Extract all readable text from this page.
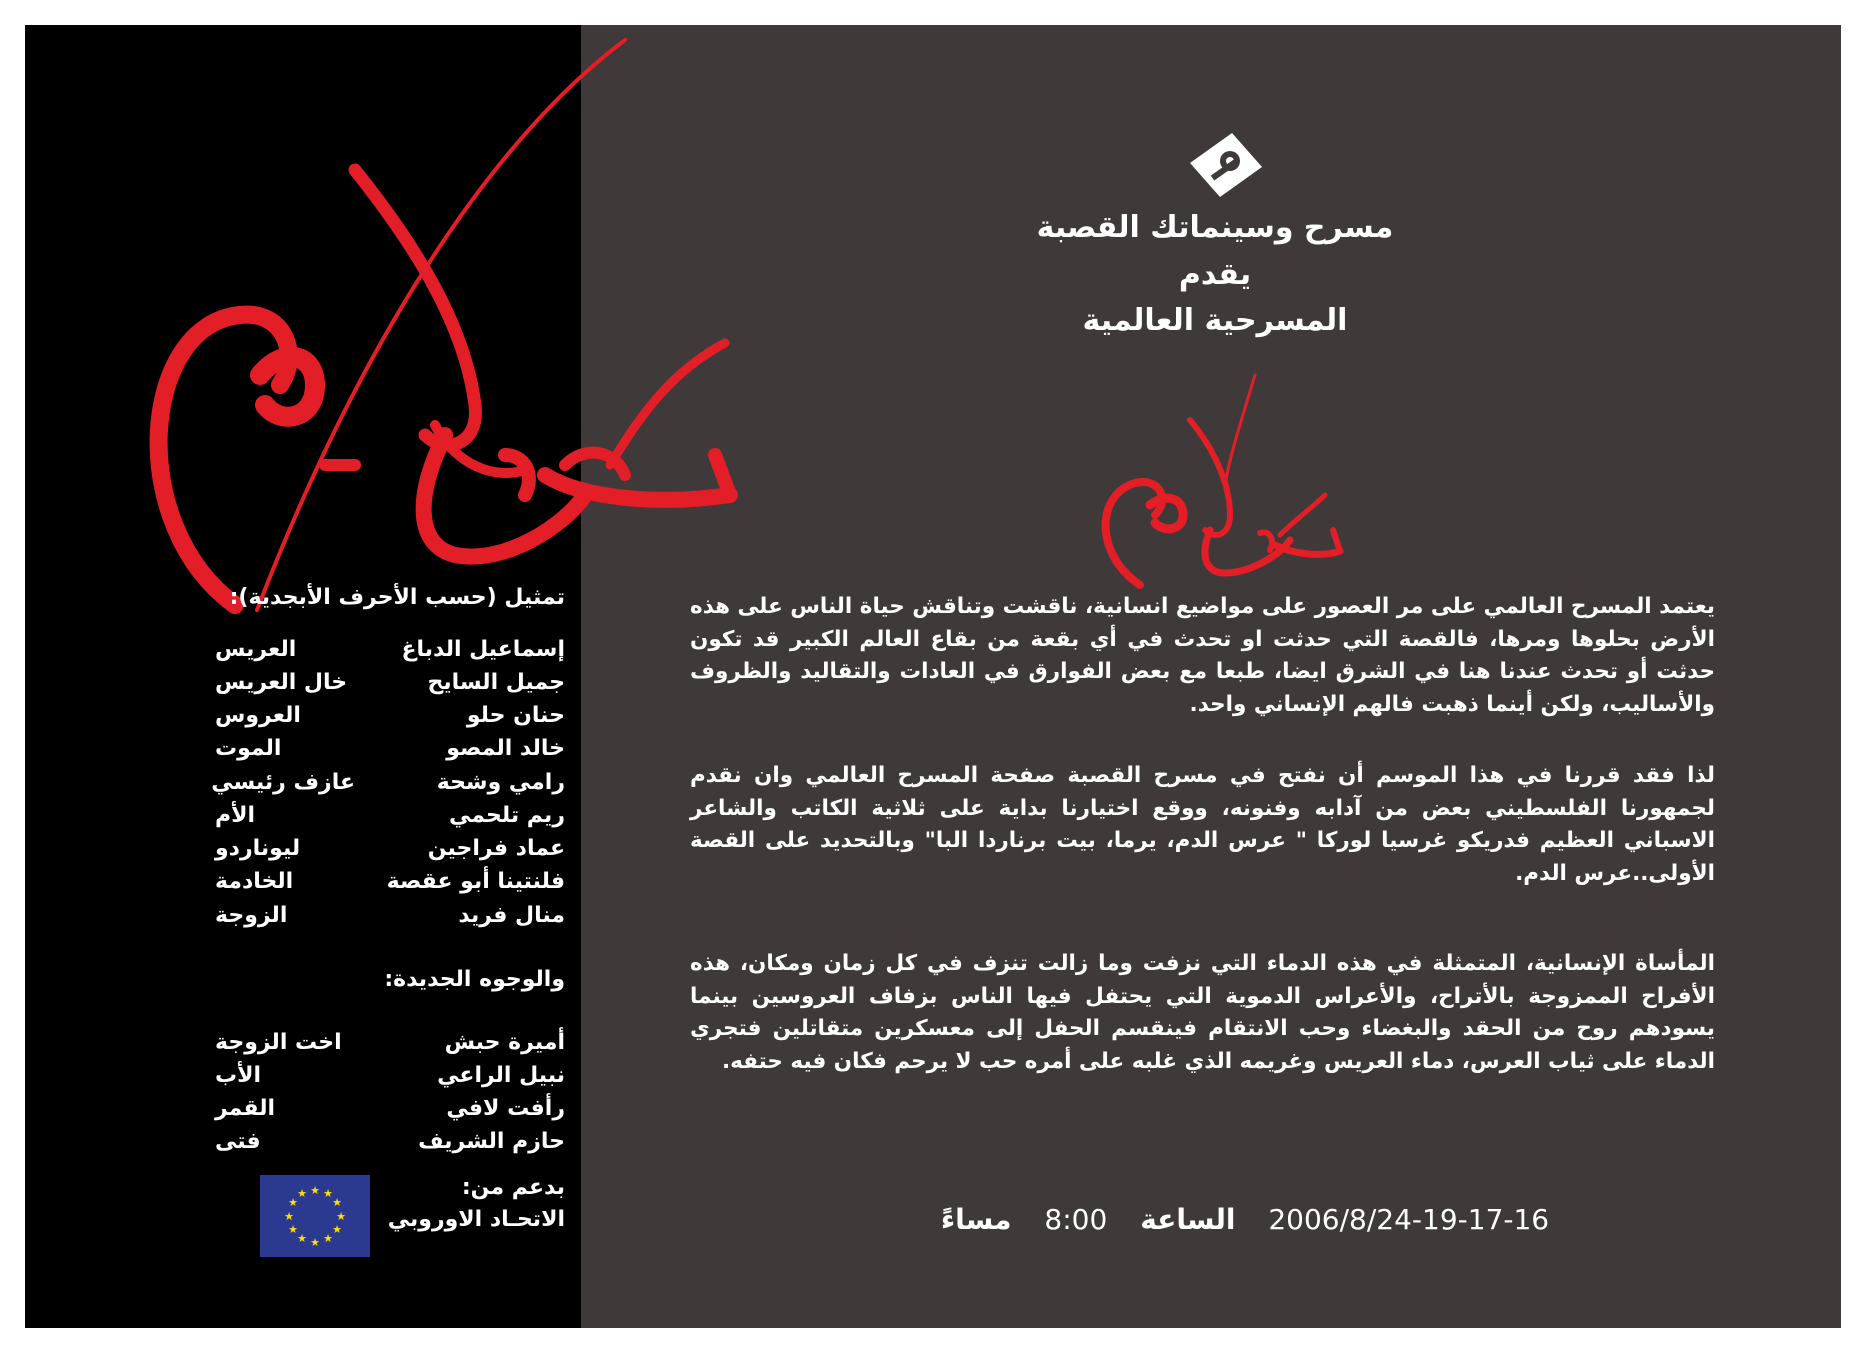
مسرح وسينماتك القصبة
يقدم
المسرحية العالمية

يعتمد المسرح العالمي على مر العصور على مواضيع انسانية، ناقشت وتناقش حياة الناس على هذه الأرض بحلوها ومرها، فالقصة التي حدثت او تحدث في أي بقعة من بقاع العالم الكبير قد تكون حدثت أو تحدث عندنا هنا في الشرق ايضا، طبعا مع بعض الفوارق في العادات والتقاليد والظروف والأساليب، ولكن أينما ذهبت فالهم الإنساني واحد.

لذا فقد قررنا في هذا الموسم أن نفتح في مسرح القصبة صفحة المسرح العالمي وان نقدم لجمهورنا الفلسطيني بعض من آدابه وفنونه، ووقع اختيارنا بداية على ثلاثية الكاتب والشاعر الاسباني العظيم فدريكو غرسيا لوركا " عرس الدم، يرما، بيت برناردا البا" وبالتحديد على القصة الأولى..عرس الدم.

المأساة الإنسانية، المتمثلة في هذه الدماء التي نزفت وما زالت تنزف في كل زمان ومكان، هذه الأفراح الممزوجة بالأتراح، والأعراس الدموية التي يحتفل فيها الناس بزفاف العروسين بينما يسودهم روح من الحقد والبغضاء وحب الانتقام فينقسم الحفل إلى معسكرين متقاتلين فتجري الدماء على ثياب العرس، دماء العريس وغريمه الذي غلبه على أمره حب لا يرحم فكان فيه حتفه.

2006/8/24-19-17-16 الساعة 8:00 مساءً
تمثيل (حسب الأحرف الأبجدية):
إسماعيل الدباغ
العريس
جميل السايح
خال العريس
حنان حلو
العروس
خالد المصو
الموت
رامي وشحة
عازف رئيسي
ريم تلحمي
الأم
عماد فراجين
ليوناردو
فلنتينا أبو عقصة
الخادمة
منال فريد
الزوجة
والوجوه الجديدة:
أميرة حبش
اخت الزوجة
نبيل الراعي
الأب
رأفت لافي
القمر
حازم الشريف
فتى
بدعم من:
الاتحـاد الاوروبي
★ ★
★
★
★
★
★
★
★
★
★
★
